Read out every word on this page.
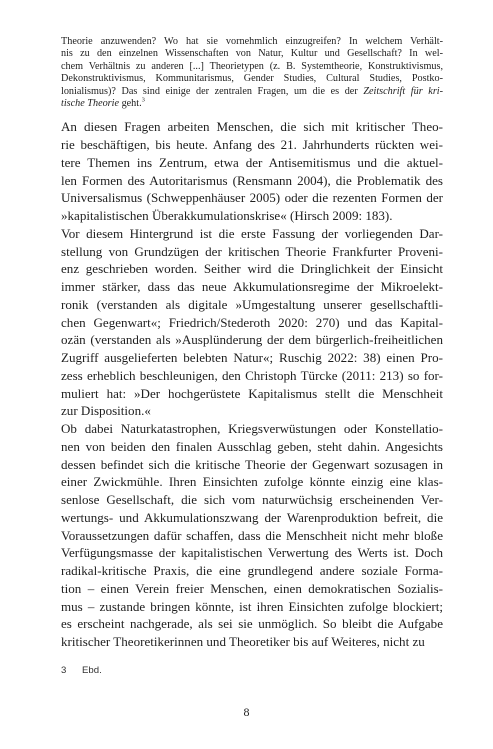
Theorie anzuwenden? Wo hat sie vornehmlich einzugreifen? In welchem Verhält-
nis zu den einzelnen Wissenschaften von Natur, Kultur und Gesellschaft? In wel-
chem Verhältnis zu anderen [...] Theorietypen (z. B. Systemtheorie, Konstruktivismus,
Dekonstruktivismus, Kommunitarismus, Gender Studies, Cultural Studies, Postko-
lonialismus)? Das sind einige der zentralen Fragen, um die es der Zeitschrift für kri-
tische Theorie geht.$^3$
An diesen Fragen arbeiten Menschen, die sich mit kritischer Theo-
rie beschäftigen, bis heute. Anfang des 21. Jahrhunderts rückten wei-
tere Themen ins Zentrum, etwa der Antisemitismus und die aktuel-
len Formen des Autoritarismus (Rensmann 2004), die Problematik des
Universalismus (Schweppenhäuser 2005) oder die rezenten Formen der
»kapitalistischen Überakkumulationskrise« (Hirsch 2009: 183).
Vor diesem Hintergrund ist die erste Fassung der vorliegenden Dar-
stellung von Grundzügen der kritischen Theorie Frankfurter Proveni-
enz geschrieben worden. Seither wird die Dringlichkeit der Einsicht
immer stärker, dass das neue Akkumulationsregime der Mikroelekt-
ronik (verstanden als digitale »Umgestaltung unserer gesellschaftli-
chen Gegenwart«; Friedrich/Stederoth 2020: 270) und das Kapital-
ozän (verstanden als »Ausplünderung der dem bürgerlich-freiheitlichen
Zugriff ausgelieferten belebten Natur«; Ruschig 2022: 38) einen Pro-
zess erheblich beschleunigen, den Christoph Türcke (2011: 213) so for-
muliert hat: »Der hochgerüstete Kapitalismus stellt die Menschheit
zur Disposition.«
Ob dabei Naturkatastrophen, Kriegsverwüstungen oder Konstellatio-
nen von beiden den finalen Ausschlag geben, steht dahin. Angesichts
dessen befindet sich die kritische Theorie der Gegenwart sozusagen in
einer Zwickmühle. Ihren Einsichten zufolge könnte einzig eine klas-
senlose Gesellschaft, die sich vom naturwüchsig erscheinenden Ver-
wertungs- und Akkumulationszwang der Warenproduktion befreit, die
Voraussetzungen dafür schaffen, dass die Menschheit nicht mehr bloße
Verfügungsmasse der kapitalistischen Verwertung des Werts ist. Doch
radikal-kritische Praxis, die eine grundlegend andere soziale Forma-
tion – einen Verein freier Menschen, einen demokratischen Sozialis-
mus – zustande bringen könnte, ist ihren Einsichten zufolge blockiert;
es erscheint nachgerade, als sei sie unmöglich. So bleibt die Aufgabe
kritischer Theoretikerinnen und Theoretiker bis auf Weiteres, nicht zu
3 Ebd.
8
